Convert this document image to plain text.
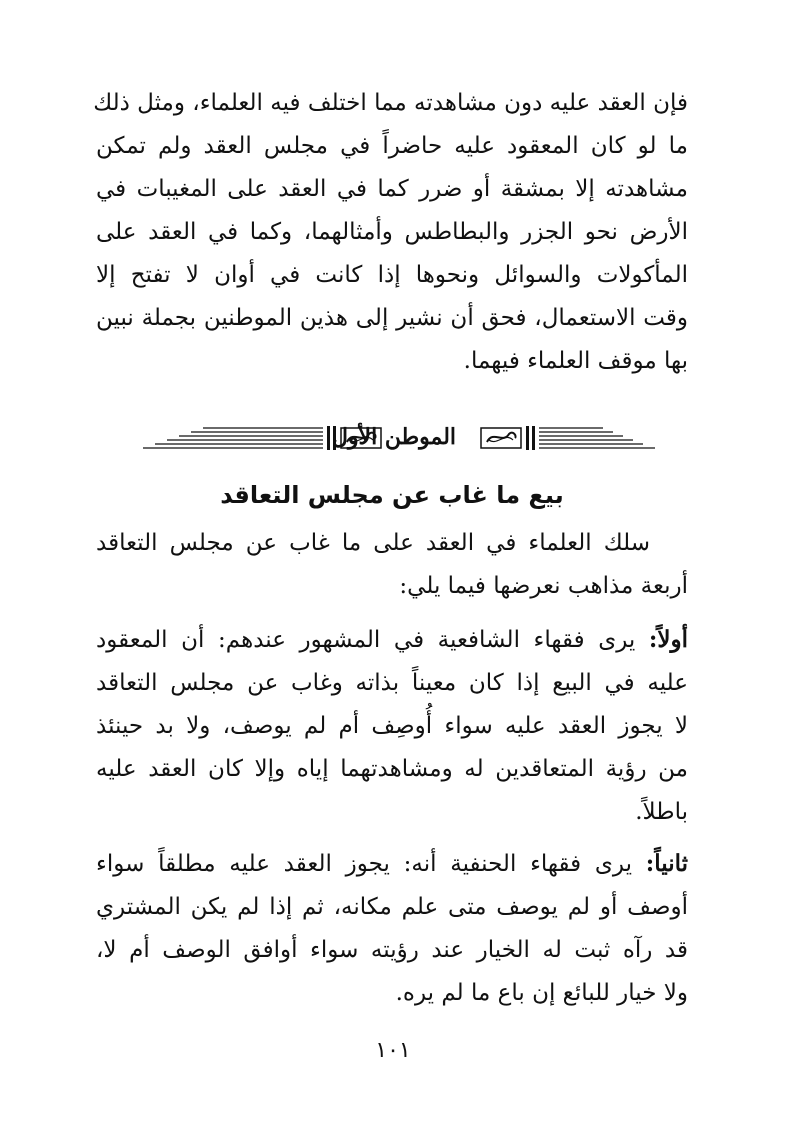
فإن العقد عليه دون مشاهدته مما اختلف فيه العلماء، ومثل ذلك
ما لو كان المعقود عليه حاضراً في مجلس العقد ولم تمكن
مشاهدته إلا بمشقة أو ضرر كما في العقد على المغيبات في
الأرض نحو الجزر والبطاطس وأمثالهما، وكما في العقد على
المأكولات والسوائل ونحوها إذا كانت في أوان لا تفتح إلا
وقت الاستعمال، فحق أن نشير إلى هذين الموطنين بجملة نبين
بها موقف العلماء فيهما.
الموطن الأول
بيع ما غاب عن مجلس التعاقد
سلك العلماء في العقد على ما غاب عن مجلس التعاقد
أربعة مذاهب نعرضها فيما يلي:
أولاً: يرى فقهاء الشافعية في المشهور عندهم: أن المعقود
عليه في البيع إذا كان معيناً بذاته وغاب عن مجلس التعاقد
لا يجوز العقد عليه سواء أُوصِف أم لم يوصف، ولا بد حينئذ
من رؤية المتعاقدين له ومشاهدتهما إياه وإلا كان العقد عليه
باطلاً.
ثانياً: يرى فقهاء الحنفية أنه: يجوز العقد عليه مطلقاً سواء
أوصف أو لم يوصف متى علم مكانه، ثم إذا لم يكن المشتري
قد رآه ثبت له الخيار عند رؤيته سواء أوافق الوصف أم لا،
ولا خيار للبائع إن باع ما لم يره.
١٠١
